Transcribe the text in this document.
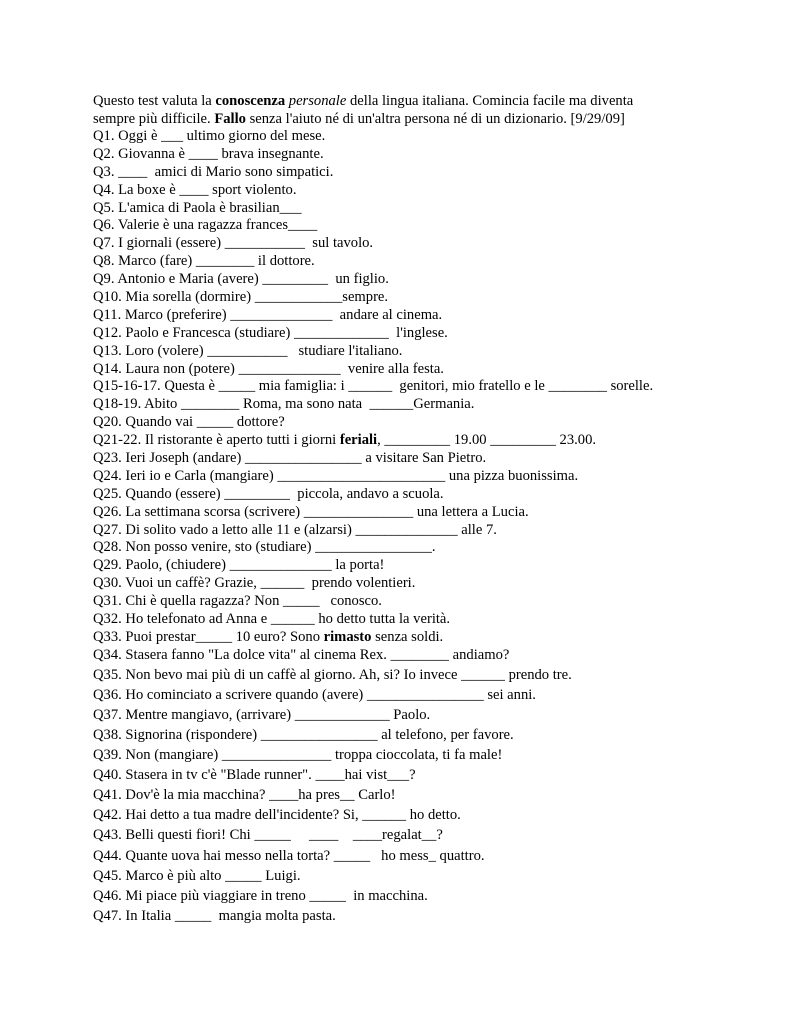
Questo test valuta la conoscenza personale della lingua italiana. Comincia facile ma diventa
sempre più difficile. Fallo senza l'aiuto né di un'altra persona né di un dizionario. [9/29/09]

Q1. Oggi è ___ ultimo giorno del mese.

Q2. Giovanna è ____ brava insegnante.

Q3. ____  amici di Mario sono simpatici.

Q4. La boxe è ____ sport violento.

Q5. L'amica di Paola è brasilian___

Q6. Valerie è una ragazza frances____

Q7. I giornali (essere) ___________  sul tavolo.

Q8. Marco (fare) ________ il dottore.

Q9. Antonio e Maria (avere) _________  un figlio.

Q10. Mia sorella (dormire) ____________sempre.

Q11. Marco (preferire) ______________  andare al cinema.

Q12. Paolo e Francesca (studiare) _____________  l'inglese.

Q13. Loro (volere) ___________   studiare l'italiano.

Q14. Laura non (potere) ______________  venire alla festa.

Q15-16-17. Questa è _____ mia famiglia: i ______  genitori, mio fratello e le ________ sorelle.

Q18-19. Abito ________ Roma, ma sono nata  ______Germania.

Q20. Quando vai _____ dottore?

Q21-22. Il ristorante è aperto tutti i giorni feriali, _________ 19.00 _________ 23.00.

Q23. Ieri Joseph (andare) ________________ a visitare San Pietro.

Q24. Ieri io e Carla (mangiare) _______________________ una pizza buonissima.

Q25. Quando (essere) _________  piccola, andavo a scuola.

Q26. La settimana scorsa (scrivere) _______________ una lettera a Lucia.

Q27. Di solito vado a letto alle 11 e (alzarsi) ______________ alle 7.

Q28. Non posso venire, sto (studiare) ________________.

Q29. Paolo, (chiudere) ______________ la porta!

Q30. Vuoi un caffè? Grazie, ______  prendo volentieri.

Q31. Chi è quella ragazza? Non _____   conosco.

Q32. Ho telefonato ad Anna e ______ ho detto tutta la verità.

Q33. Puoi prestar_____ 10 euro? Sono rimasto senza soldi.

Q34. Stasera fanno "La dolce vita" al cinema Rex. ________ andiamo?

Q35. Non bevo mai più di un caffè al giorno. Ah, si? Io invece ______ prendo tre.

Q36. Ho cominciato a scrivere quando (avere) ________________ sei anni.

Q37. Mentre mangiavo, (arrivare) _____________ Paolo.

Q38. Signorina (rispondere) ________________ al telefono, per favore.

Q39. Non (mangiare) _______________ troppa cioccolata, ti fa male!

Q40. Stasera in tv c'è "Blade runner". ____hai vist___?

Q41. Dov'è la mia macchina? ____ha pres__ Carlo!

Q42. Hai detto a tua madre dell'incidente? Si, ______ ho detto.

Q43. Belli questi fiori! Chi _____     ____    ____regalat__?

Q44. Quante uova hai messo nella torta? _____   ho mess_ quattro.

Q45. Marco è più alto _____ Luigi.

Q46. Mi piace più viaggiare in treno _____  in macchina.

Q47. In Italia _____  mangia molta pasta.
